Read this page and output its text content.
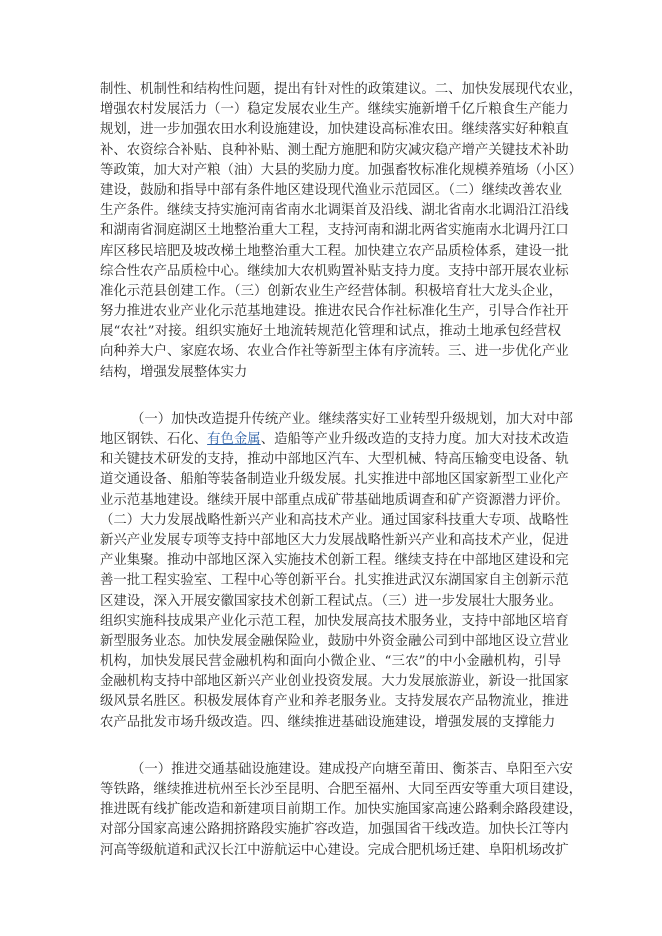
制性、机制性和结构性问题，提出有针对性的政策建议。二、加快发展现代农业，
增强农村发展活力（一）稳定发展农业生产。继续实施新增千亿斤粮食生产能力
规划，进一步加强农田水利设施建设，加快建设高标准农田。继续落实好种粮直
补、农资综合补贴、良种补贴、测土配方施肥和防灾减灾稳产增产关键技术补助
等政策，加大对产粮（油）大县的奖励力度。加强畜牧标准化规模养殖场（小区）
建设，鼓励和指导中部有条件地区建设现代渔业示范园区。（二）继续改善农业
生产条件。继续支持实施河南省南水北调渠首及沿线、湖北省南水北调沿江沿线
和湖南省洞庭湖区土地整治重大工程，支持河南和湖北两省实施南水北调丹江口
库区移民培肥及坡改梯土地整治重大工程。加快建立农产品质检体系，建设一批
综合性农产品质检中心。继续加大农机购置补贴支持力度。支持中部开展农业标
准化示范县创建工作。（三）创新农业生产经营体制。积极培育壮大龙头企业，
努力推进农业产业化示范基地建设。推进农民合作社标准化生产，引导合作社开
展“农社”对接。组织实施好土地流转规范化管理和试点，推动土地承包经营权
向种养大户、家庭农场、农业合作社等新型主体有序流转。三、进一步优化产业
结构，增强发展整体实力
（一）加快改造提升传统产业。继续落实好工业转型升级规划，加大对中部
地区钢铁、石化、有色金属、造船等产业升级改造的支持力度。加大对技术改造
和关键技术研发的支持，推动中部地区汽车、大型机械、特高压输变电设备、轨
道交通设备、船舶等装备制造业升级发展。扎实推进中部地区国家新型工业化产
业示范基地建设。继续开展中部重点成矿带基础地质调查和矿产资源潜力评价。
（二）大力发展战略性新兴产业和高技术产业。通过国家科技重大专项、战略性
新兴产业发展专项等支持中部地区大力发展战略性新兴产业和高技术产业，促进
产业集聚。推动中部地区深入实施技术创新工程。继续支持在中部地区建设和完
善一批工程实验室、工程中心等创新平台。扎实推进武汉东湖国家自主创新示范
区建设，深入开展安徽国家技术创新工程试点。（三）进一步发展壮大服务业。
组织实施科技成果产业化示范工程，加快发展高技术服务业，支持中部地区培育
新型服务业态。加快发展金融保险业，鼓励中外资金融公司到中部地区设立营业
机构，加快发展民营金融机构和面向小微企业、“三农”的中小金融机构，引导
金融机构支持中部地区新兴产业创业投资发展。大力发展旅游业，新设一批国家
级风景名胜区。积极发展体育产业和养老服务业。支持发展农产品物流业，推进
农产品批发市场升级改造。四、继续推进基础设施建设，增强发展的支撑能力
（一）推进交通基础设施建设。建成投产向塘至莆田、衡茶吉、阜阳至六安
等铁路，继续推进杭州至长沙至昆明、合肥至福州、大同至西安等重大项目建设，
推进既有线扩能改造和新建项目前期工作。加快实施国家高速公路剩余路段建设，
对部分国家高速公路拥挤路段实施扩容改造，加强国省干线改造。加快长江等内
河高等级航道和武汉长江中游航运中心建设。完成合肥机场迁建、阜阳机场改扩
